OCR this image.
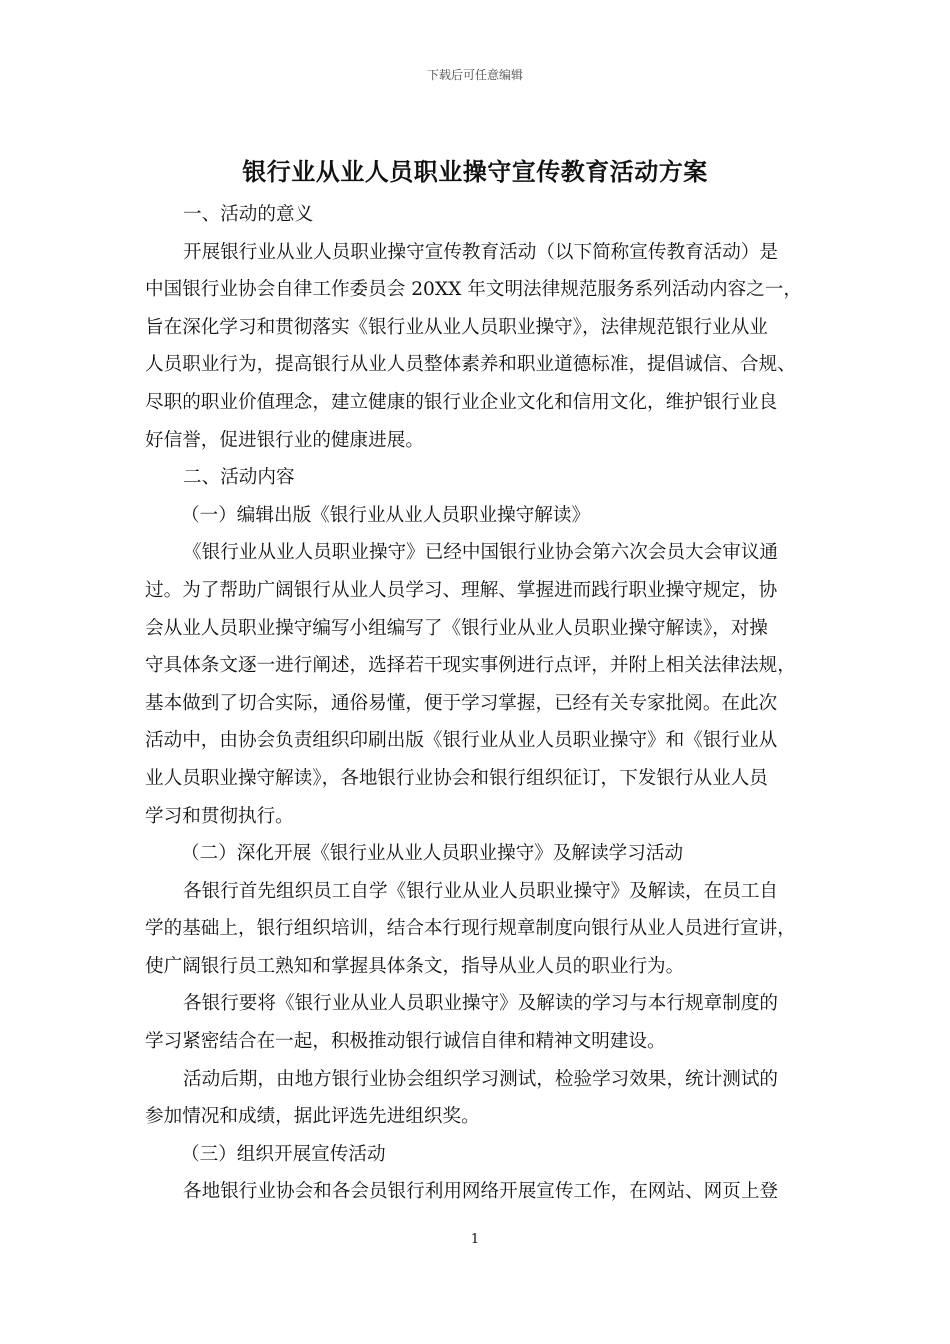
下载后可任意编辑
银行业从业人员职业操守宣传教育活动方案
一、活动的意义
开展银行业从业人员职业操守宣传教育活动（以下简称宣传教育活动）是
中国银行业协会自律工作委员会 20XX 年文明法律规范服务系列活动内容之一，
旨在深化学习和贯彻落实《银行业从业人员职业操守》，法律规范银行业从业
人员职业行为，提高银行从业人员整体素养和职业道德标准，提倡诚信、合规、
尽职的职业价值理念，建立健康的银行业企业文化和信用文化，维护银行业良
好信誉，促进银行业的健康进展。
二、活动内容
（一）编辑出版《银行业从业人员职业操守解读》
《银行业从业人员职业操守》已经中国银行业协会第六次会员大会审议通
过。为了帮助广阔银行从业人员学习、理解、掌握进而践行职业操守规定，协
会从业人员职业操守编写小组编写了《银行业从业人员职业操守解读》，对操
守具体条文逐一进行阐述，选择若干现实事例进行点评，并附上相关法律法规，
基本做到了切合实际，通俗易懂，便于学习掌握，已经有关专家批阅。在此次
活动中，由协会负责组织印刷出版《银行业从业人员职业操守》和《银行业从
业人员职业操守解读》，各地银行业协会和银行组织征订，下发银行从业人员
学习和贯彻执行。
（二）深化开展《银行业从业人员职业操守》及解读学习活动
各银行首先组织员工自学《银行业从业人员职业操守》及解读，在员工自
学的基础上，银行组织培训，结合本行现行规章制度向银行从业人员进行宣讲，
使广阔银行员工熟知和掌握具体条文，指导从业人员的职业行为。
各银行要将《银行业从业人员职业操守》及解读的学习与本行规章制度的
学习紧密结合在一起，积极推动银行诚信自律和精神文明建设。
活动后期，由地方银行业协会组织学习测试，检验学习效果，统计测试的
参加情况和成绩，据此评选先进组织奖。
（三）组织开展宣传活动
各地银行业协会和各会员银行利用网络开展宣传工作，在网站、网页上登
1
